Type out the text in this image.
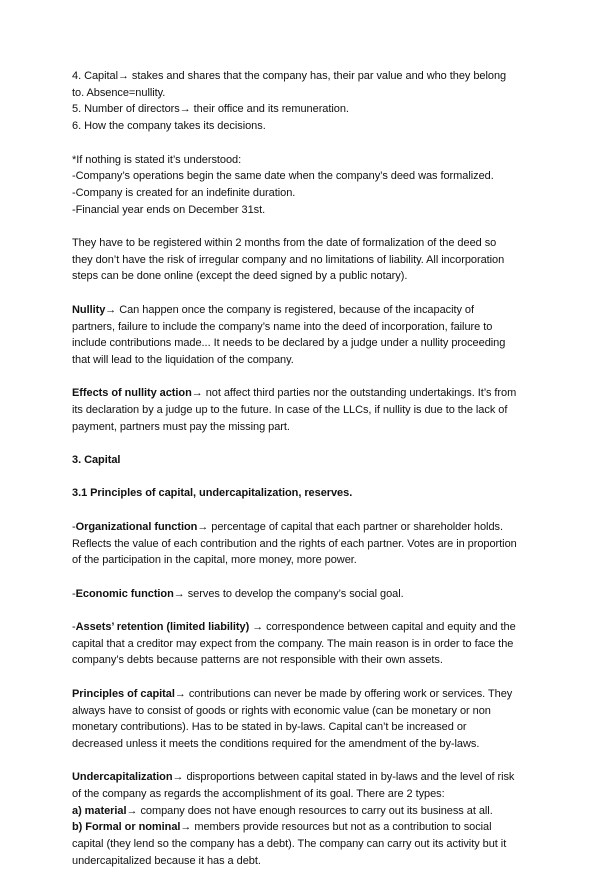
4. Capital→ stakes and shares that the company has, their par value and who they belong
to. Absence=nullity.
5. Number of directors→ their office and its remuneration.
6. How the company takes its decisions.
*If nothing is stated it’s understood:
-Company’s operations begin the same date when the company’s deed was formalized.
-Company is created for an indefinite duration.
-Financial year ends on December 31st.
They have to be registered within 2 months from the date of formalization of the deed so
they don’t have the risk of irregular company and no limitations of liability. All incorporation
steps can be done online (except the deed signed by a public notary).
Nullity→ Can happen once the company is registered, because of the incapacity of
partners, failure to include the company’s name into the deed of incorporation, failure to
include contributions made... It needs to be declared by a judge under a nullity proceeding
that will lead to the liquidation of the company.
Effects of nullity action→ not affect third parties nor the outstanding undertakings. It’s from
its declaration by a judge up to the future. In case of the LLCs, if nullity is due to the lack of
payment, partners must pay the missing part.
3. Capital
3.1 Principles of capital, undercapitalization, reserves.
-Organizational function→ percentage of capital that each partner or shareholder holds.
Reflects the value of each contribution and the rights of each partner. Votes are in proportion
of the participation in the capital, more money, more power.
-Economic function→ serves to develop the company’s social goal.
-Assets’ retention (limited liability) → correspondence between capital and equity and the
capital that a creditor may expect from the company. The main reason is in order to face the
company’s debts because patterns are not responsible with their own assets.
Principles of capital→ contributions can never be made by offering work or services. They
always have to consist of goods or rights with economic value (can be monetary or non
monetary contributions). Has to be stated in by-laws. Capital can’t be increased or
decreased unless it meets the conditions required for the amendment of the by-laws.
Undercapitalization→ disproportions between capital stated in by-laws and the level of risk
of the company as regards the accomplishment of its goal. There are 2 types:
a) material→ company does not have enough resources to carry out its business at all.
b) Formal or nominal→ members provide resources but not as a contribution to social
capital (they lend so the company has a debt). The company can carry out its activity but it
undercapitalized because it has a debt.
